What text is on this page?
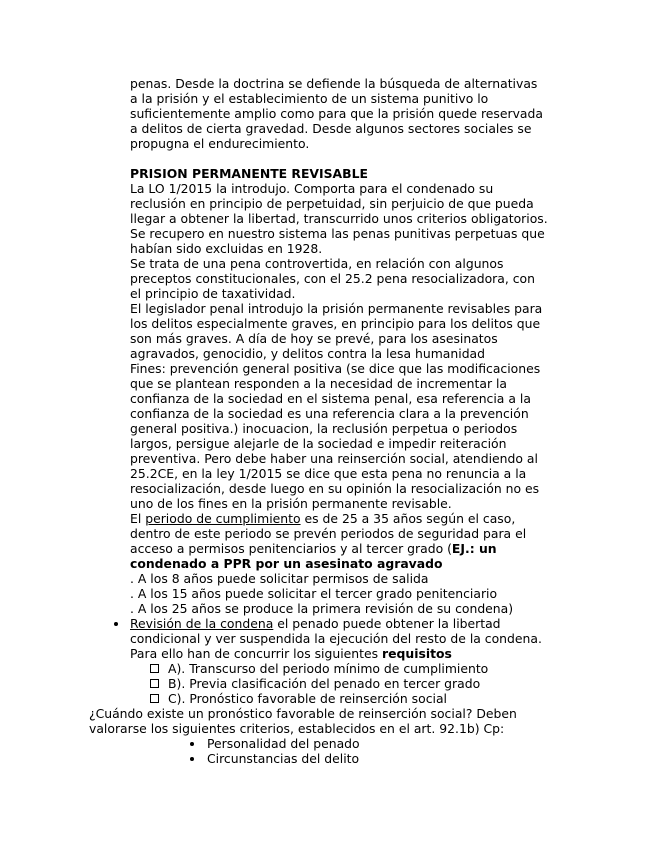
penas. Desde la doctrina se defiende la búsqueda de alternativas
a la prisión y el establecimiento de un sistema punitivo lo
suficientemente amplio como para que la prisión quede reservada
a delitos de cierta gravedad. Desde algunos sectores sociales se
propugna el endurecimiento.
PRISION PERMANENTE REVISABLE
La LO 1/2015 la introdujo. Comporta para el condenado su
reclusión en principio de perpetuidad, sin perjuicio de que pueda
llegar a obtener la libertad, transcurrido unos criterios obligatorios.
Se recupero en nuestro sistema las penas punitivas perpetuas que
habían sido excluidas en 1928.
Se trata de una pena controvertida, en relación con algunos
preceptos constitucionales, con el 25.2 pena resocializadora, con
el principio de taxatividad.
El legislador penal introdujo la prisión permanente revisables para
los delitos especialmente graves, en principio para los delitos que
son más graves. A día de hoy se prevé, para los asesinatos
agravados, genocidio, y delitos contra la lesa humanidad
Fines: prevención general positiva (se dice que las modificaciones
que se plantean responden a la necesidad de incrementar la
confianza de la sociedad en el sistema penal, esa referencia a la
confianza de la sociedad es una referencia clara a la prevención
general positiva.) inocuacion, la reclusión perpetua o periodos
largos, persigue alejarle de la sociedad e impedir reiteración
preventiva. Pero debe haber una reinserción social, atendiendo al
25.2CE, en la ley 1/2015 se dice que esta pena no renuncia a la
resocialización, desde luego en su opinión la resocialización no es
uno de los fines en la prisión permanente revisable.
El periodo de cumplimiento es de 25 a 35 años según el caso,
dentro de este periodo se prevén periodos de seguridad para el
acceso a permisos penitenciarios y al tercer grado (EJ.: un
condenado a PPR por un asesinato agravado
. A los 8 años puede solicitar permisos de salida
. A los 15 años puede solicitar el tercer grado penitenciario
. A los 25 años se produce la primera revisión de su condena)
Revisión de la condena el penado puede obtener la libertad
condicional y ver suspendida la ejecución del resto de la condena.
Para ello han de concurrir los siguientes requisitos
A). Transcurso del periodo mínimo de cumplimiento
B). Previa clasificación del penado en tercer grado
C). Pronóstico favorable de reinserción social
¿Cuándo existe un pronóstico favorable de reinserción social? Deben
valorarse los siguientes criterios, establecidos en el art. 92.1b) Cp:
Personalidad del penado
Circunstancias del delito
